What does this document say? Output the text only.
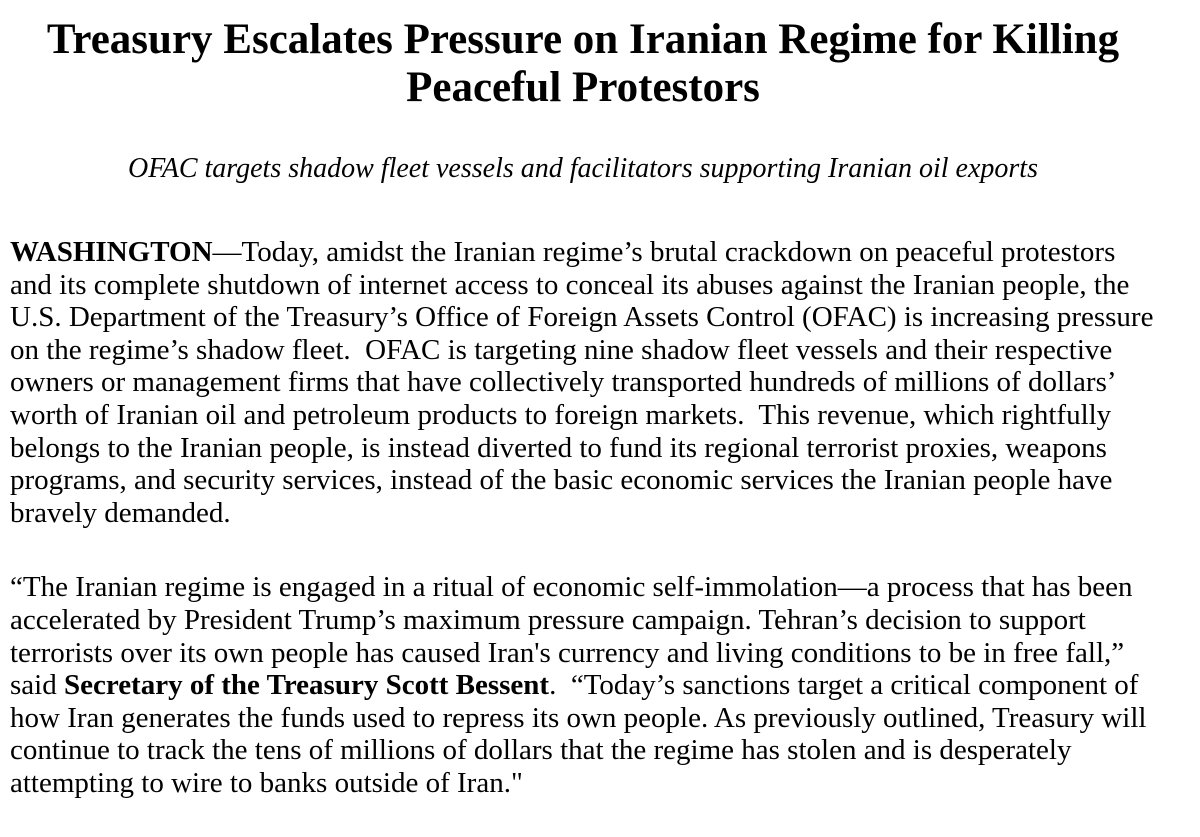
Treasury Escalates Pressure on Iranian Regime for Killing Peaceful Protestors
OFAC targets shadow fleet vessels and facilitators supporting Iranian oil exports

WASHINGTON—Today, amidst the Iranian regime’s brutal crackdown on peaceful protestors and its complete shutdown of internet access to conceal its abuses against the Iranian people, the U.S. Department of the Treasury’s Office of Foreign Assets Control (OFAC) is increasing pressure on the regime’s shadow fleet.  OFAC is targeting nine shadow fleet vessels and their respective owners or management firms that have collectively transported hundreds of millions of dollars’ worth of Iranian oil and petroleum products to foreign markets.  This revenue, which rightfully belongs to the Iranian people, is instead diverted to fund its regional terrorist proxies, weapons programs, and security services, instead of the basic economic services the Iranian people have bravely demanded.

“The Iranian regime is engaged in a ritual of economic self-immolation—a process that has been accelerated by President Trump’s maximum pressure campaign. Tehran’s decision to support terrorists over its own people has caused Iran's currency and living conditions to be in free fall,” said Secretary of the Treasury Scott Bessent.  “Today’s sanctions target a critical component of how Iran generates the funds used to repress its own people. As previously outlined, Treasury will continue to track the tens of millions of dollars that the regime has stolen and is desperately attempting to wire to banks outside of Iran."
